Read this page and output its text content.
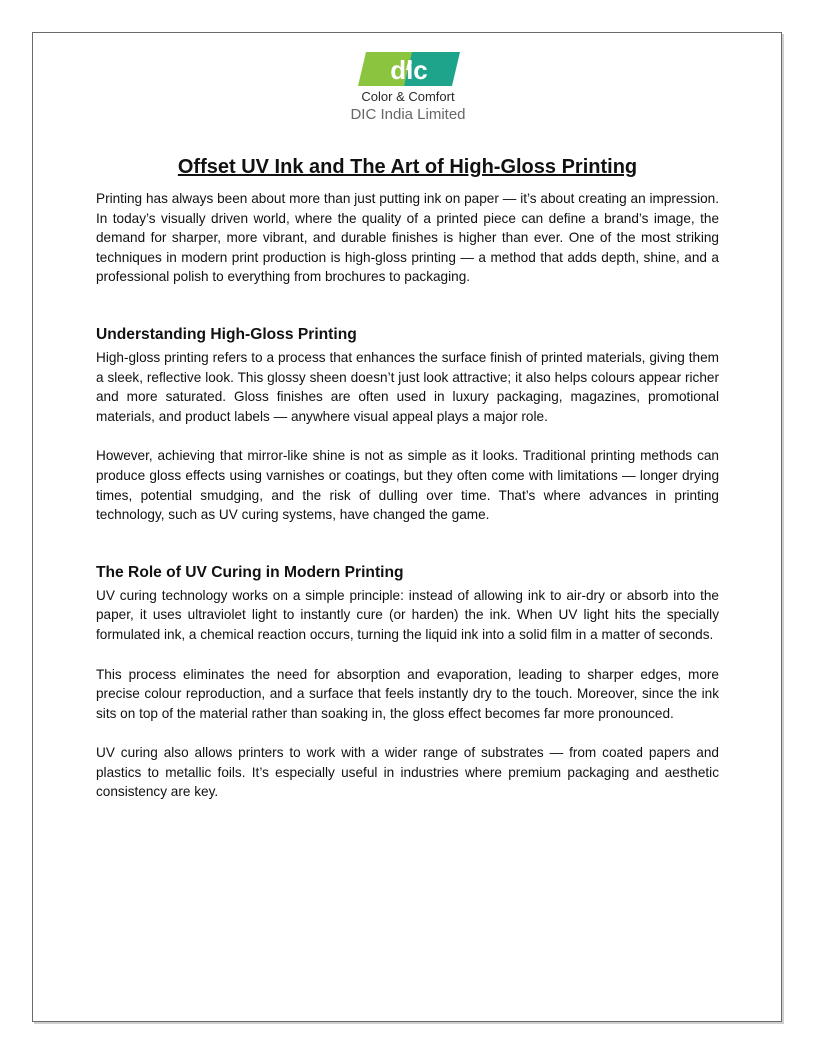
dic
Color & Comfort
DIC India Limited
Offset UV Ink and The Art of High-Gloss Printing

Printing has always been about more than just putting ink on paper — it’s about creating an impression. In today’s visually driven world, where the quality of a printed piece can define a brand’s image, the demand for sharper, more vibrant, and durable finishes is higher than ever. One of the most striking techniques in modern print production is high-gloss printing — a method that adds depth, shine, and a professional polish to everything from brochures to packaging.

Understanding High-Gloss Printing

High-gloss printing refers to a process that enhances the surface finish of printed materials, giving them a sleek, reflective look. This glossy sheen doesn’t just look attractive; it also helps colours appear richer and more saturated. Gloss finishes are often used in luxury packaging, magazines, promotional materials, and product labels — anywhere visual appeal plays a major role.

However, achieving that mirror-like shine is not as simple as it looks. Traditional printing methods can produce gloss effects using varnishes or coatings, but they often come with limitations — longer drying times, potential smudging, and the risk of dulling over time. That’s where advances in printing technology, such as UV curing systems, have changed the game.

The Role of UV Curing in Modern Printing

UV curing technology works on a simple principle: instead of allowing ink to air-dry or absorb into the paper, it uses ultraviolet light to instantly cure (or harden) the ink. When UV light hits the specially formulated ink, a chemical reaction occurs, turning the liquid ink into a solid film in a matter of seconds.

This process eliminates the need for absorption and evaporation, leading to sharper edges, more precise colour reproduction, and a surface that feels instantly dry to the touch. Moreover, since the ink sits on top of the material rather than soaking in, the gloss effect becomes far more pronounced.

UV curing also allows printers to work with a wider range of substrates — from coated papers and plastics to metallic foils. It’s especially useful in industries where premium packaging and aesthetic consistency are key.
